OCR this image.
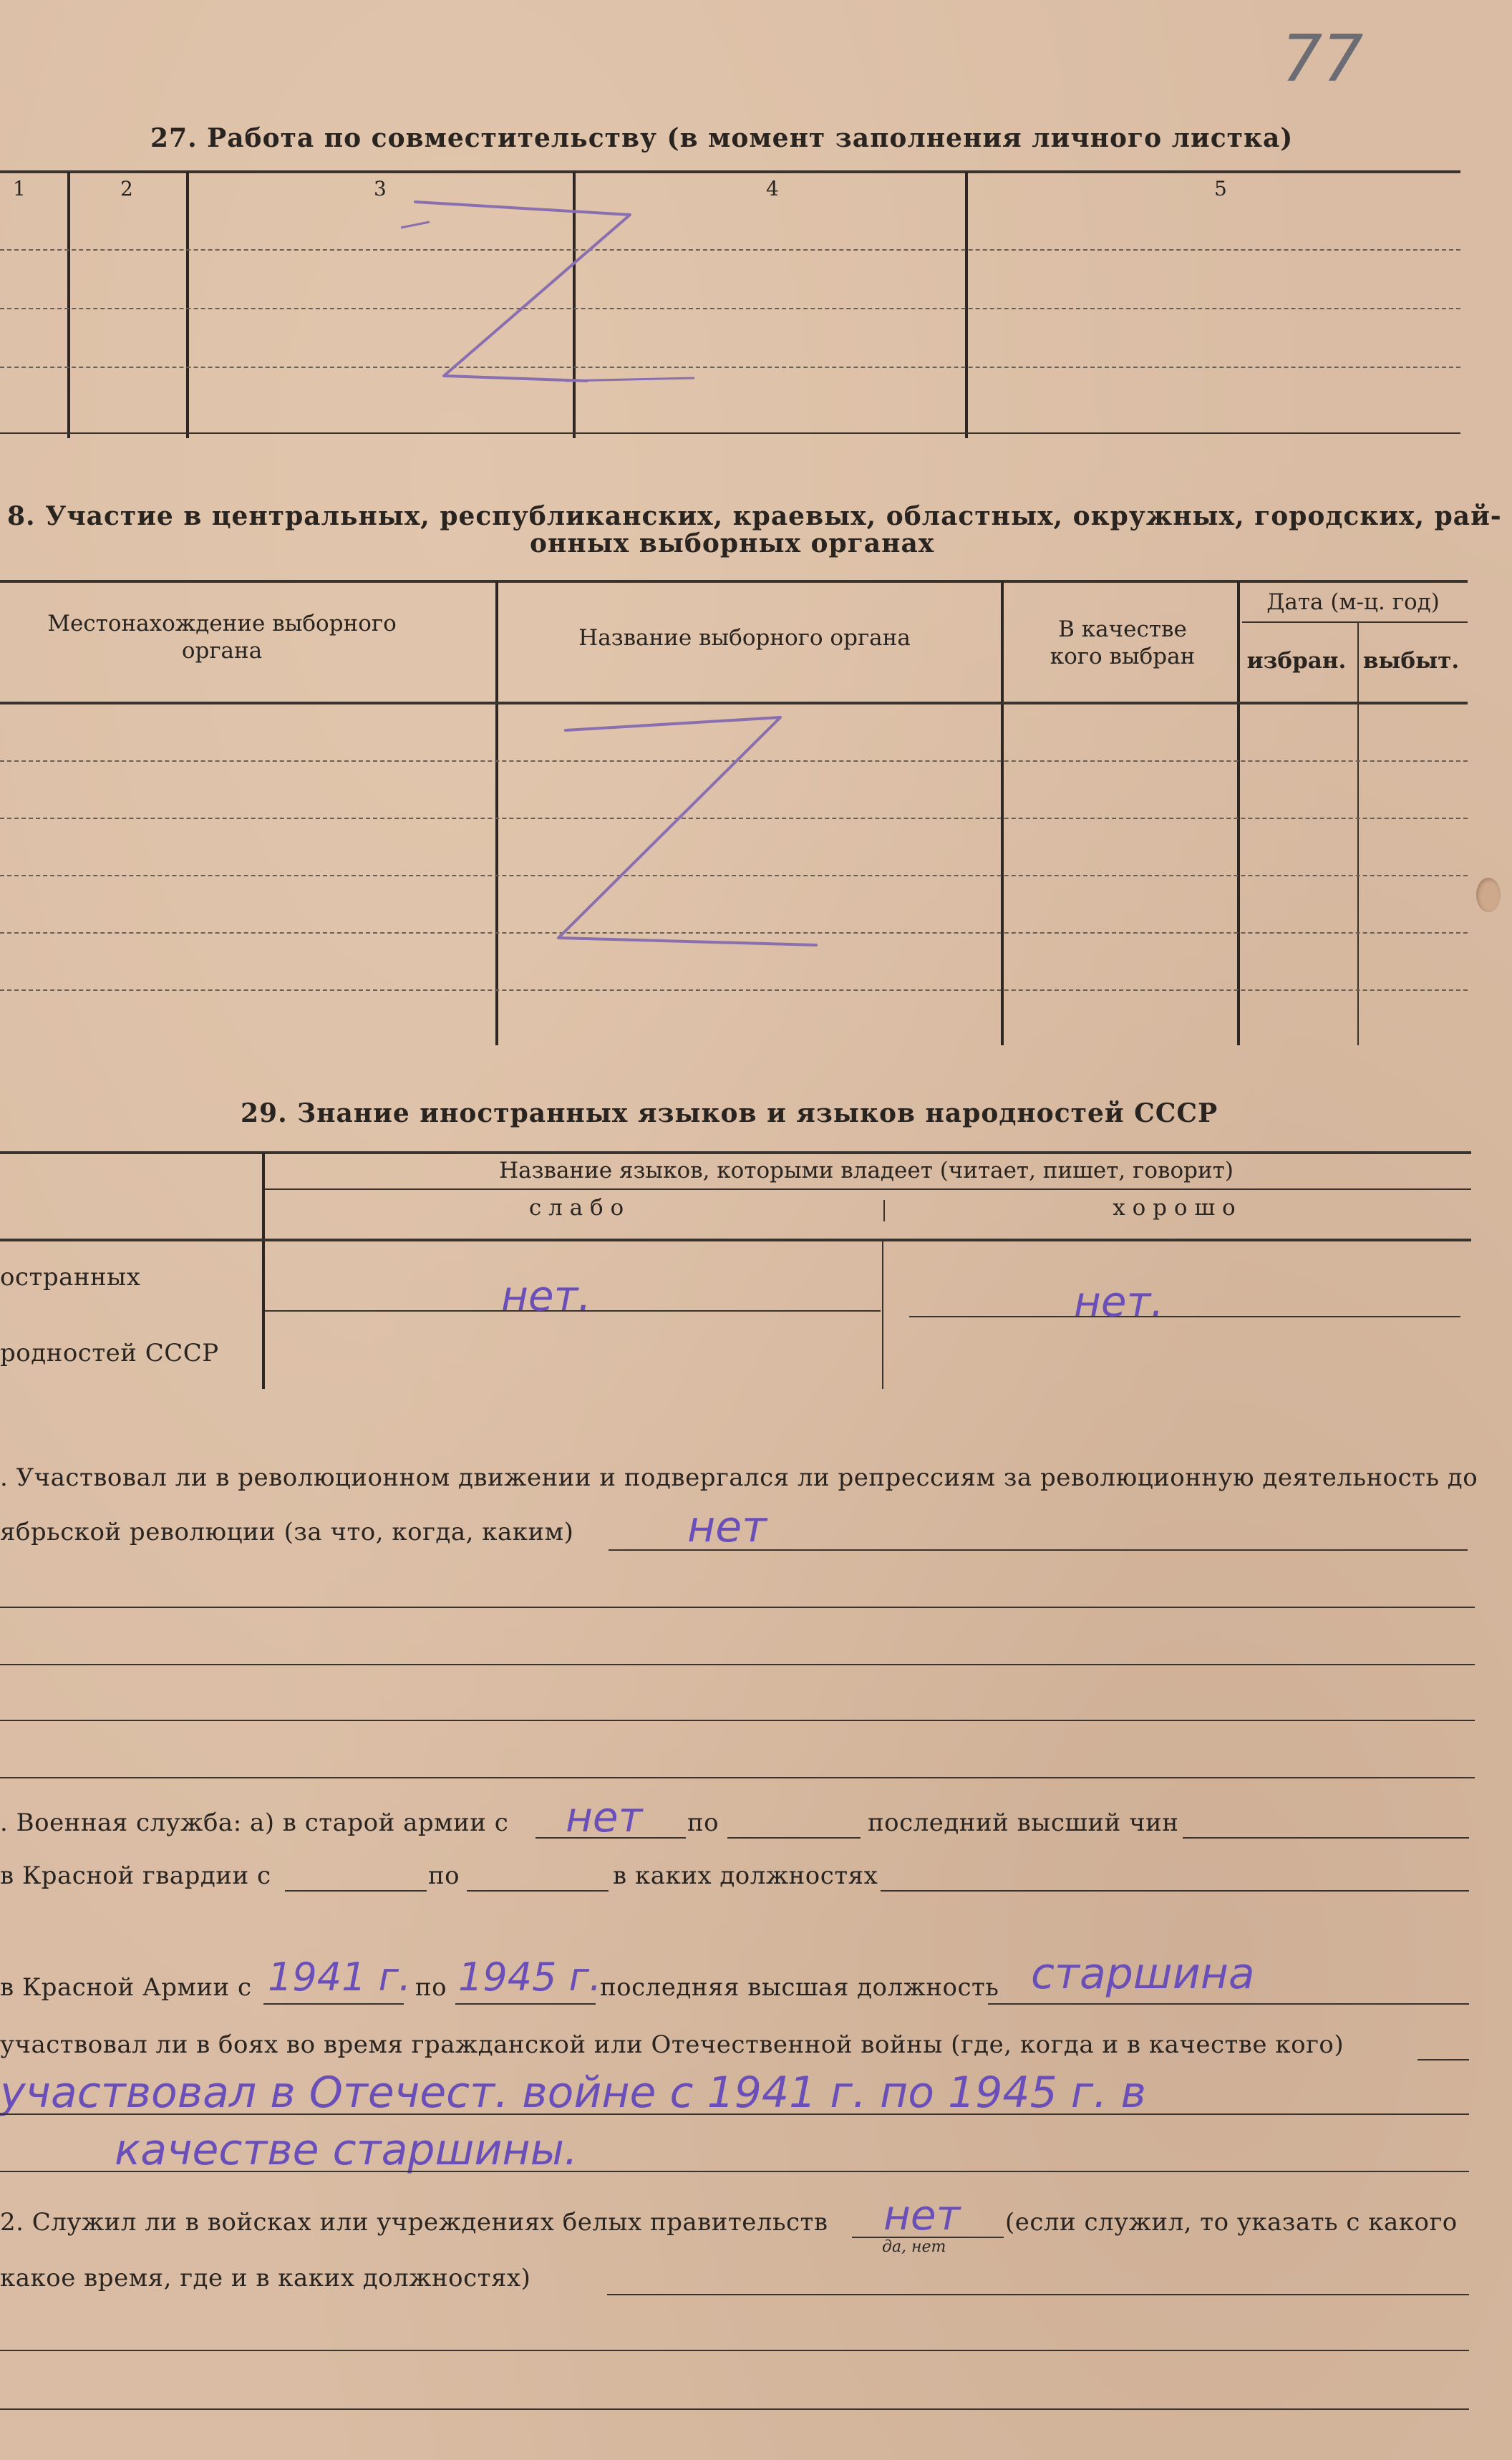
77
27. Работа по совместительству (в момент заполнения личного листка)
1	2	3	4	5
8. Участие в центральных, республиканских, краевых, областных, окружных, городских, рай-
онных выборных органах
Местонахождение выборного
органа	Название выборного органа	В качестве
кого выбран
Дата (м-ц. год)
избран. выбыт.
29. Знание иностранных языков и языков народностей СССР
Название языков, которыми владеет (читает, пишет, говорит)
с л а б о	х о р о ш о
остранных
родностей СССР
нет.	нет.
. Участвовал ли в революционном движении и подвергался ли репрессиям за революционную деятельность до
ябрьской революции (за что, когда, каким)	нет
. Военная служба: а) в старой армии с нет по	последний высший чин
в Красной гвардии с	по	в каких должностях
в Красной Армии с 1941 г. по 1945 г.
последняя высшая должность старшина
участвовал ли в боях во время гражданской или Отечественной войны (где, когда и в качестве кого)
участвовал в Отечест. войне с 1941 г. по 1945 г. в
качестве старшины.
2. Служил ли в войсках или учреждениях белых правительств нет
да, нет
(если служил, то указать с какого
какое время, где и в каких должностях)
